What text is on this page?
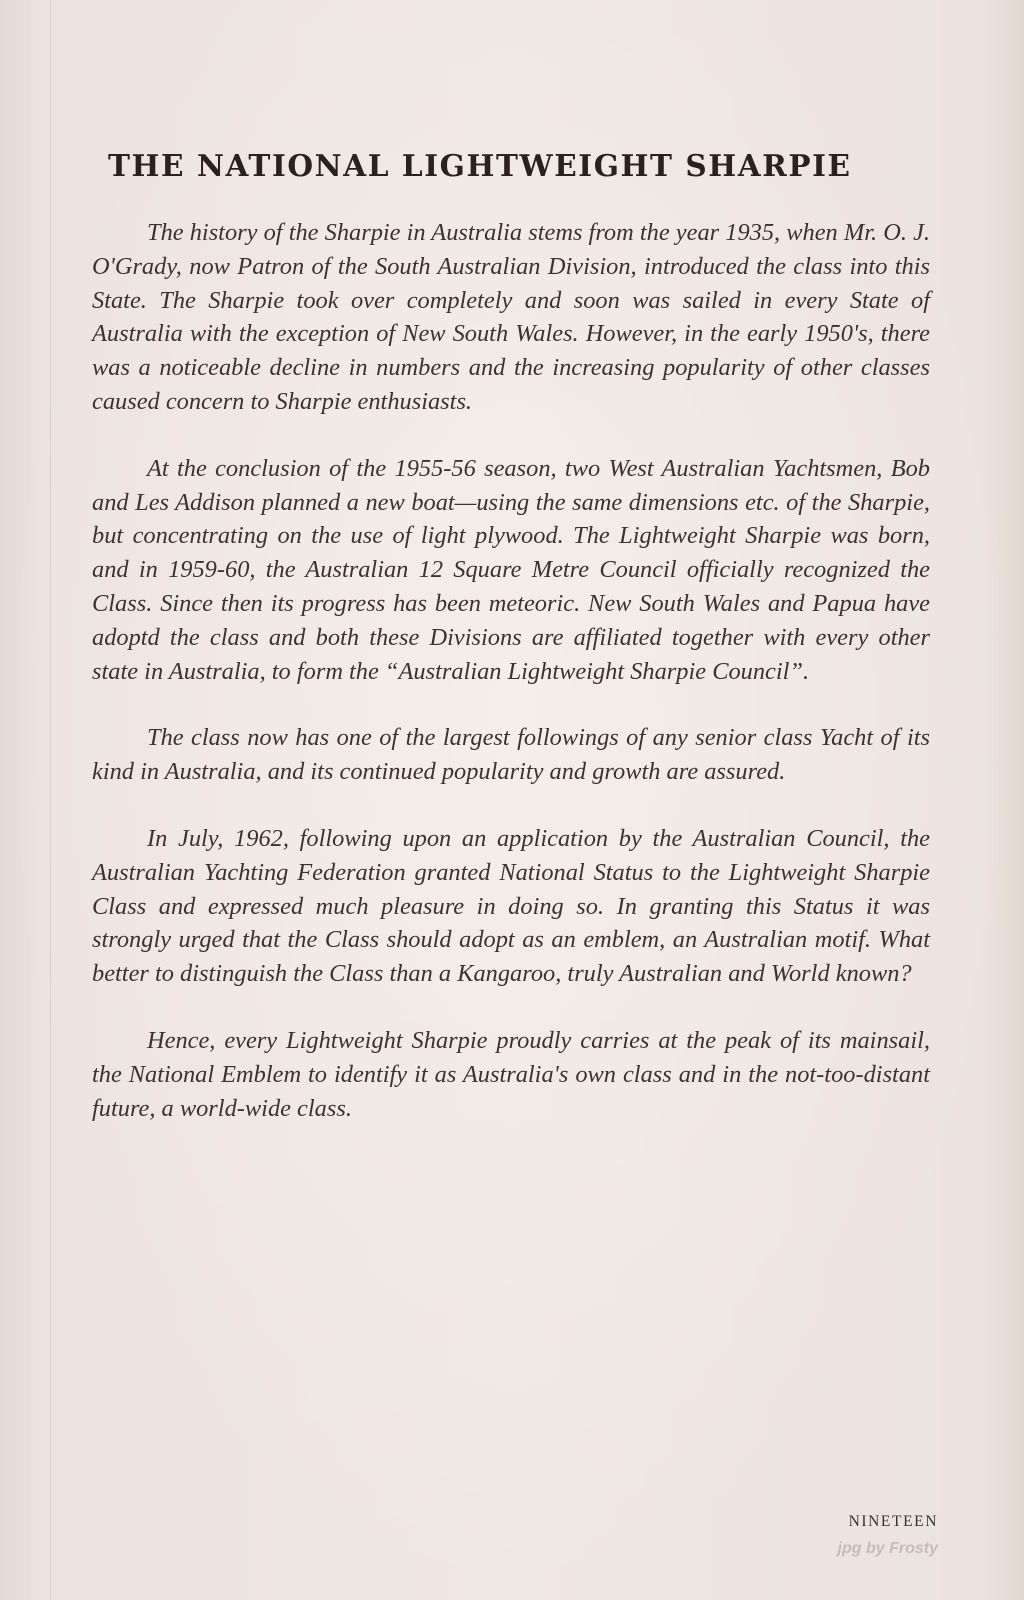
THE NATIONAL LIGHTWEIGHT SHARPIE

The history of the Sharpie in Australia stems from the year 1935, when Mr. O. J. O'Grady, now Patron of the South Australian Division, introduced the class into this State. The Sharpie took over completely and soon was sailed in every State of Australia with the exception of New South Wales. However, in the early 1950's, there was a noticeable decline in numbers and the increasing popularity of other classes caused concern to Sharpie enthusiasts.

At the conclusion of the 1955-56 season, two West Australian Yachtsmen, Bob and Les Addison planned a new boat—using the same dimensions etc. of the Sharpie, but concentrating on the use of light plywood. The Lightweight Sharpie was born, and in 1959-60, the Australian 12 Square Metre Council officially recognized the Class. Since then its progress has been meteoric. New South Wales and Papua have adoptd the class and both these Divisions are affiliated together with every other state in Australia, to form the “Australian Lightweight Sharpie Council”.

The class now has one of the largest followings of any senior class Yacht of its kind in Australia, and its continued popularity and growth are assured.

In July, 1962, following upon an application by the Australian Council, the Australian Yachting Federation granted National Status to the Lightweight Sharpie Class and expressed much pleasure in doing so. In granting this Status it was strongly urged that the Class should adopt as an emblem, an Australian motif. What better to distinguish the Class than a Kangaroo, truly Australian and World known?

Hence, every Lightweight Sharpie proudly carries at the peak of its mainsail, the National Emblem to identify it as Australia's own class and in the not-too-distant future, a world-wide class.

NINETEEN
jpg by Frosty
